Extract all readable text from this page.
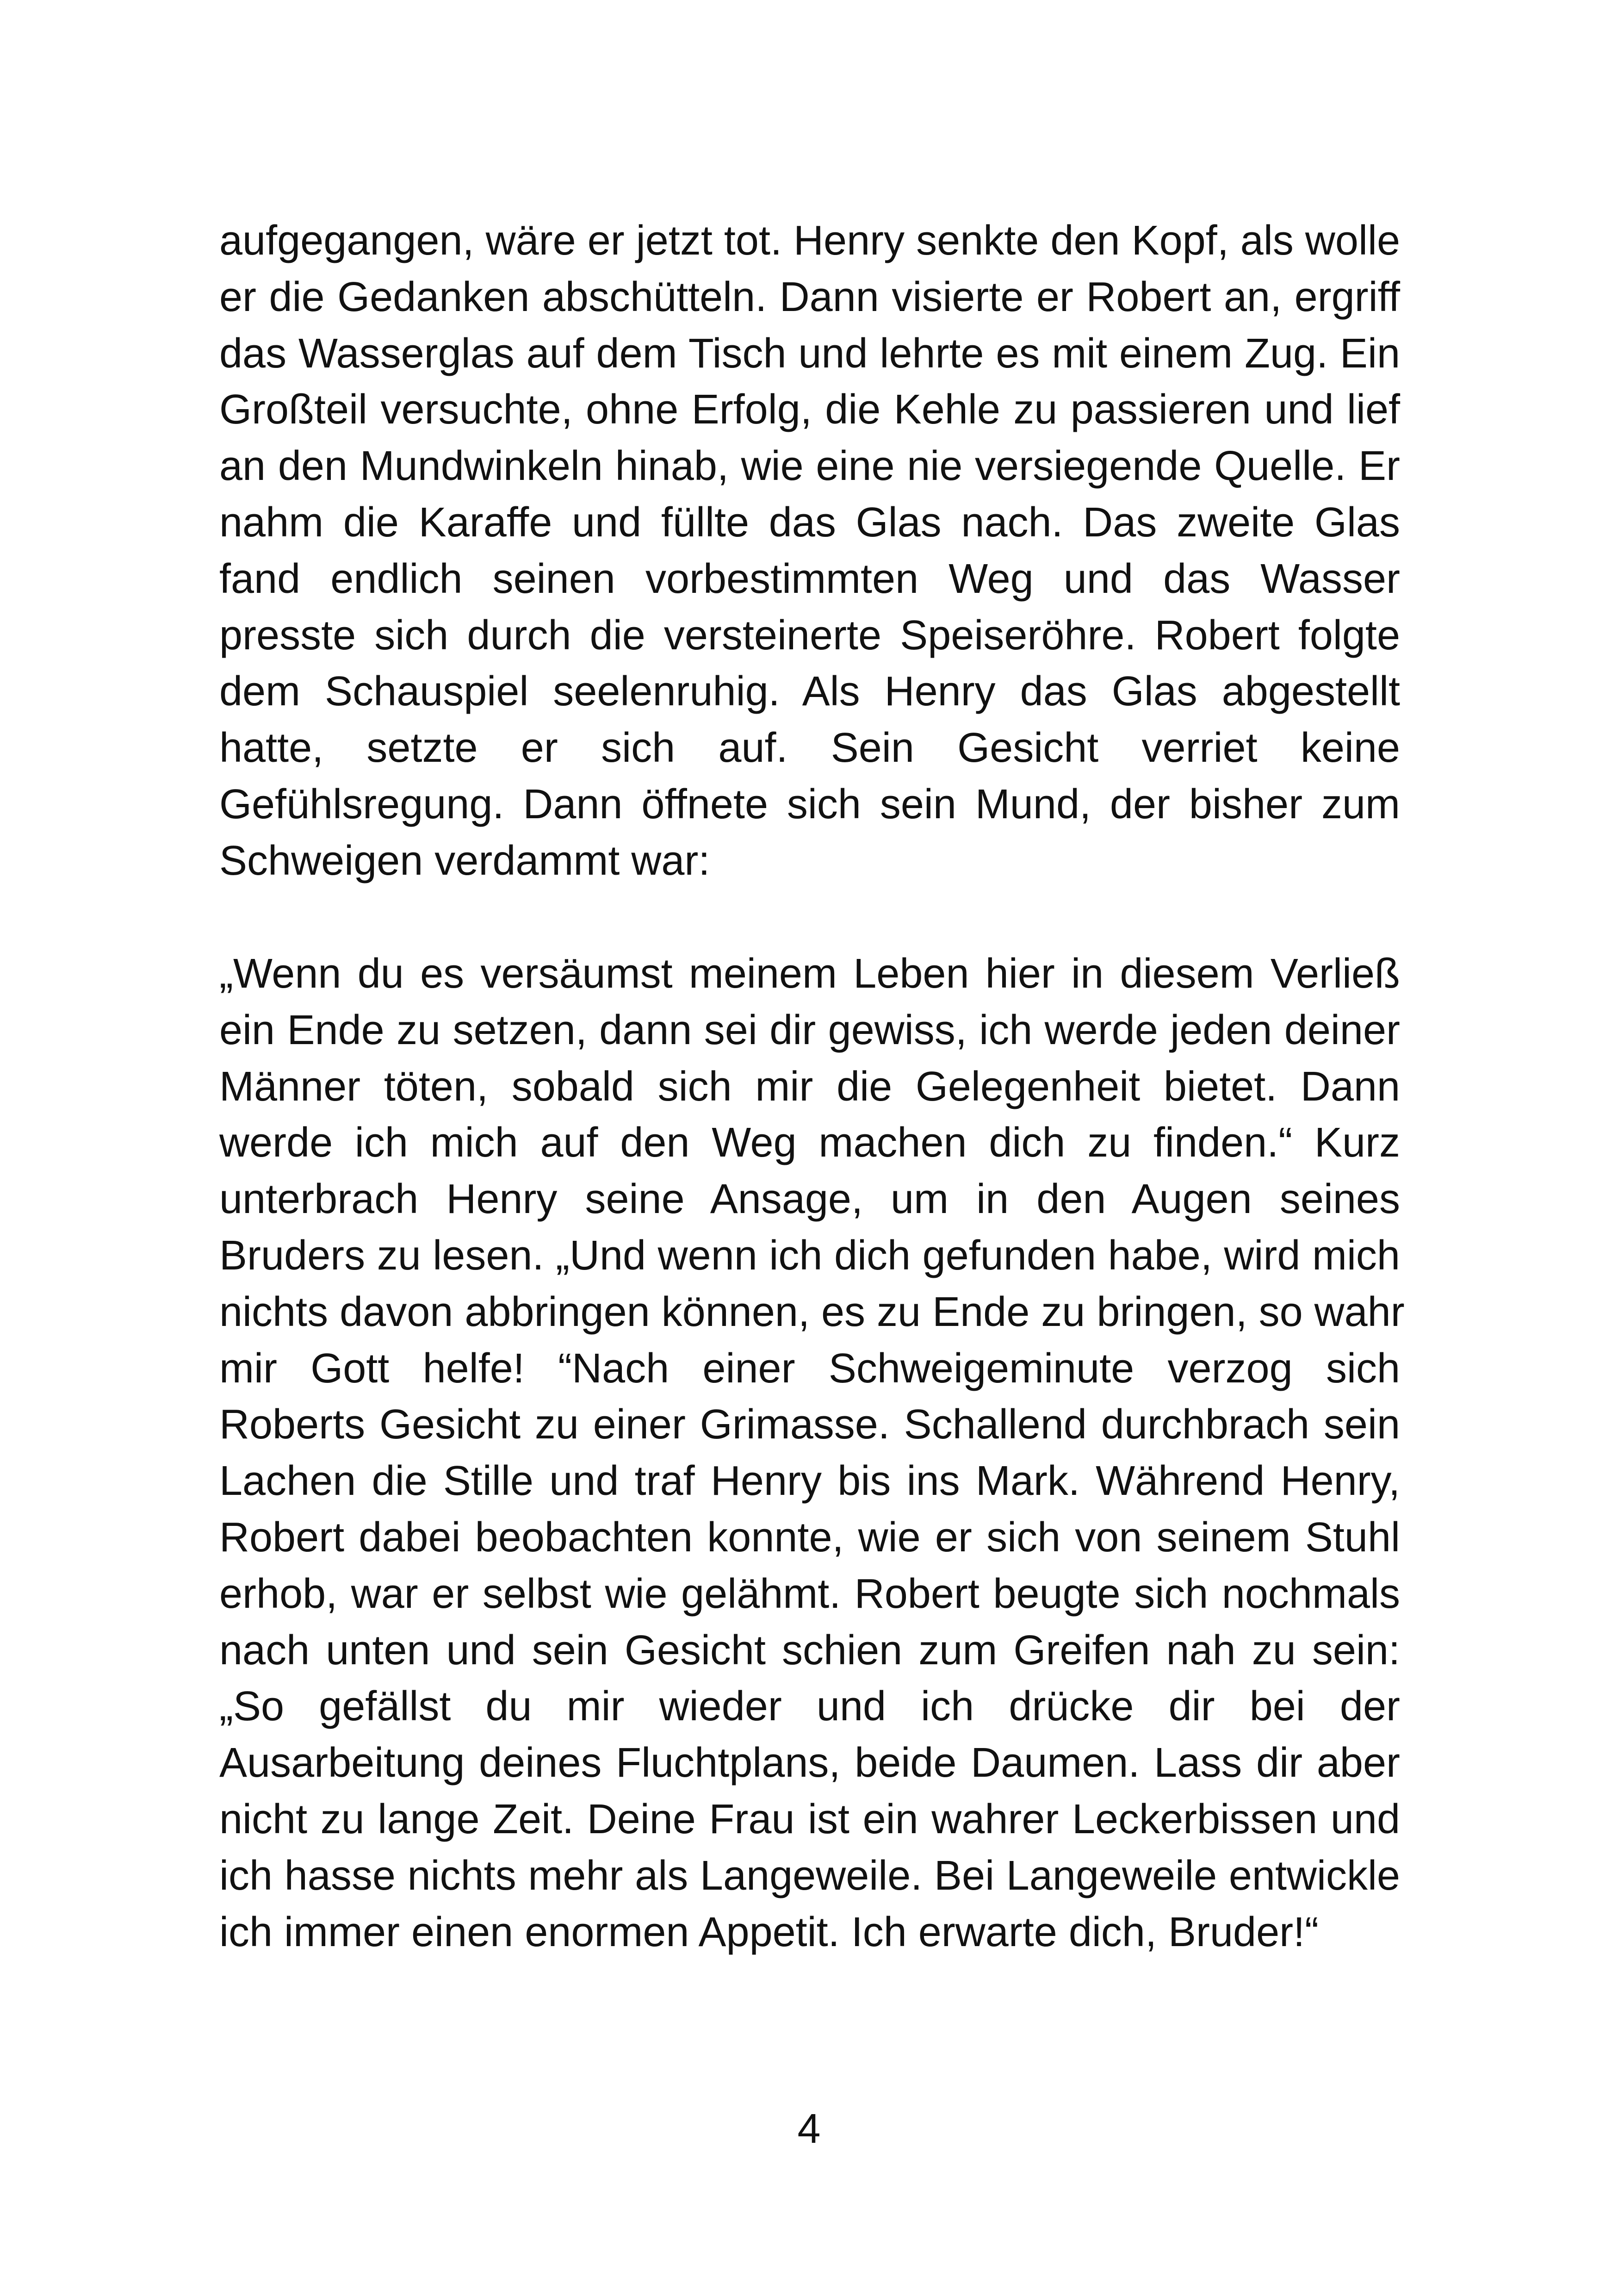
aufgegangen, wäre er jetzt tot. Henry senkte den Kopf, als wolle
er die Gedanken abschütteln. Dann visierte er Robert an, ergriff
das Wasserglas auf dem Tisch und lehrte es mit einem Zug. Ein
Großteil versuchte, ohne Erfolg, die Kehle zu passieren und lief
an den Mundwinkeln hinab, wie eine nie versiegende Quelle. Er
nahm die Karaffe und füllte das Glas nach. Das zweite Glas
fand endlich seinen vorbestimmten Weg und das Wasser
presste sich durch die versteinerte Speiseröhre. Robert folgte
dem Schauspiel seelenruhig. Als Henry das Glas abgestellt
hatte, setzte er sich auf. Sein Gesicht verriet keine
Gefühlsregung. Dann öffnete sich sein Mund, der bisher zum
Schweigen verdammt war:
„Wenn du es versäumst meinem Leben hier in diesem Verließ
ein Ende zu setzen, dann sei dir gewiss, ich werde jeden deiner
Männer töten, sobald sich mir die Gelegenheit bietet. Dann
werde ich mich auf den Weg machen dich zu finden.“ Kurz
unterbrach Henry seine Ansage, um in den Augen seines
Bruders zu lesen. „Und wenn ich dich gefunden habe, wird mich
nichts davon abbringen können, es zu Ende zu bringen, so wahr
mir Gott helfe! “Nach einer Schweigeminute verzog sich
Roberts Gesicht zu einer Grimasse. Schallend durchbrach sein
Lachen die Stille und traf Henry bis ins Mark. Während Henry,
Robert dabei beobachten konnte, wie er sich von seinem Stuhl
erhob, war er selbst wie gelähmt. Robert beugte sich nochmals
nach unten und sein Gesicht schien zum Greifen nah zu sein:
„So gefällst du mir wieder und ich drücke dir bei der
Ausarbeitung deines Fluchtplans, beide Daumen. Lass dir aber
nicht zu lange Zeit. Deine Frau ist ein wahrer Leckerbissen und
ich hasse nichts mehr als Langeweile. Bei Langeweile entwickle
ich immer einen enormen Appetit. Ich erwarte dich, Bruder!“
4
